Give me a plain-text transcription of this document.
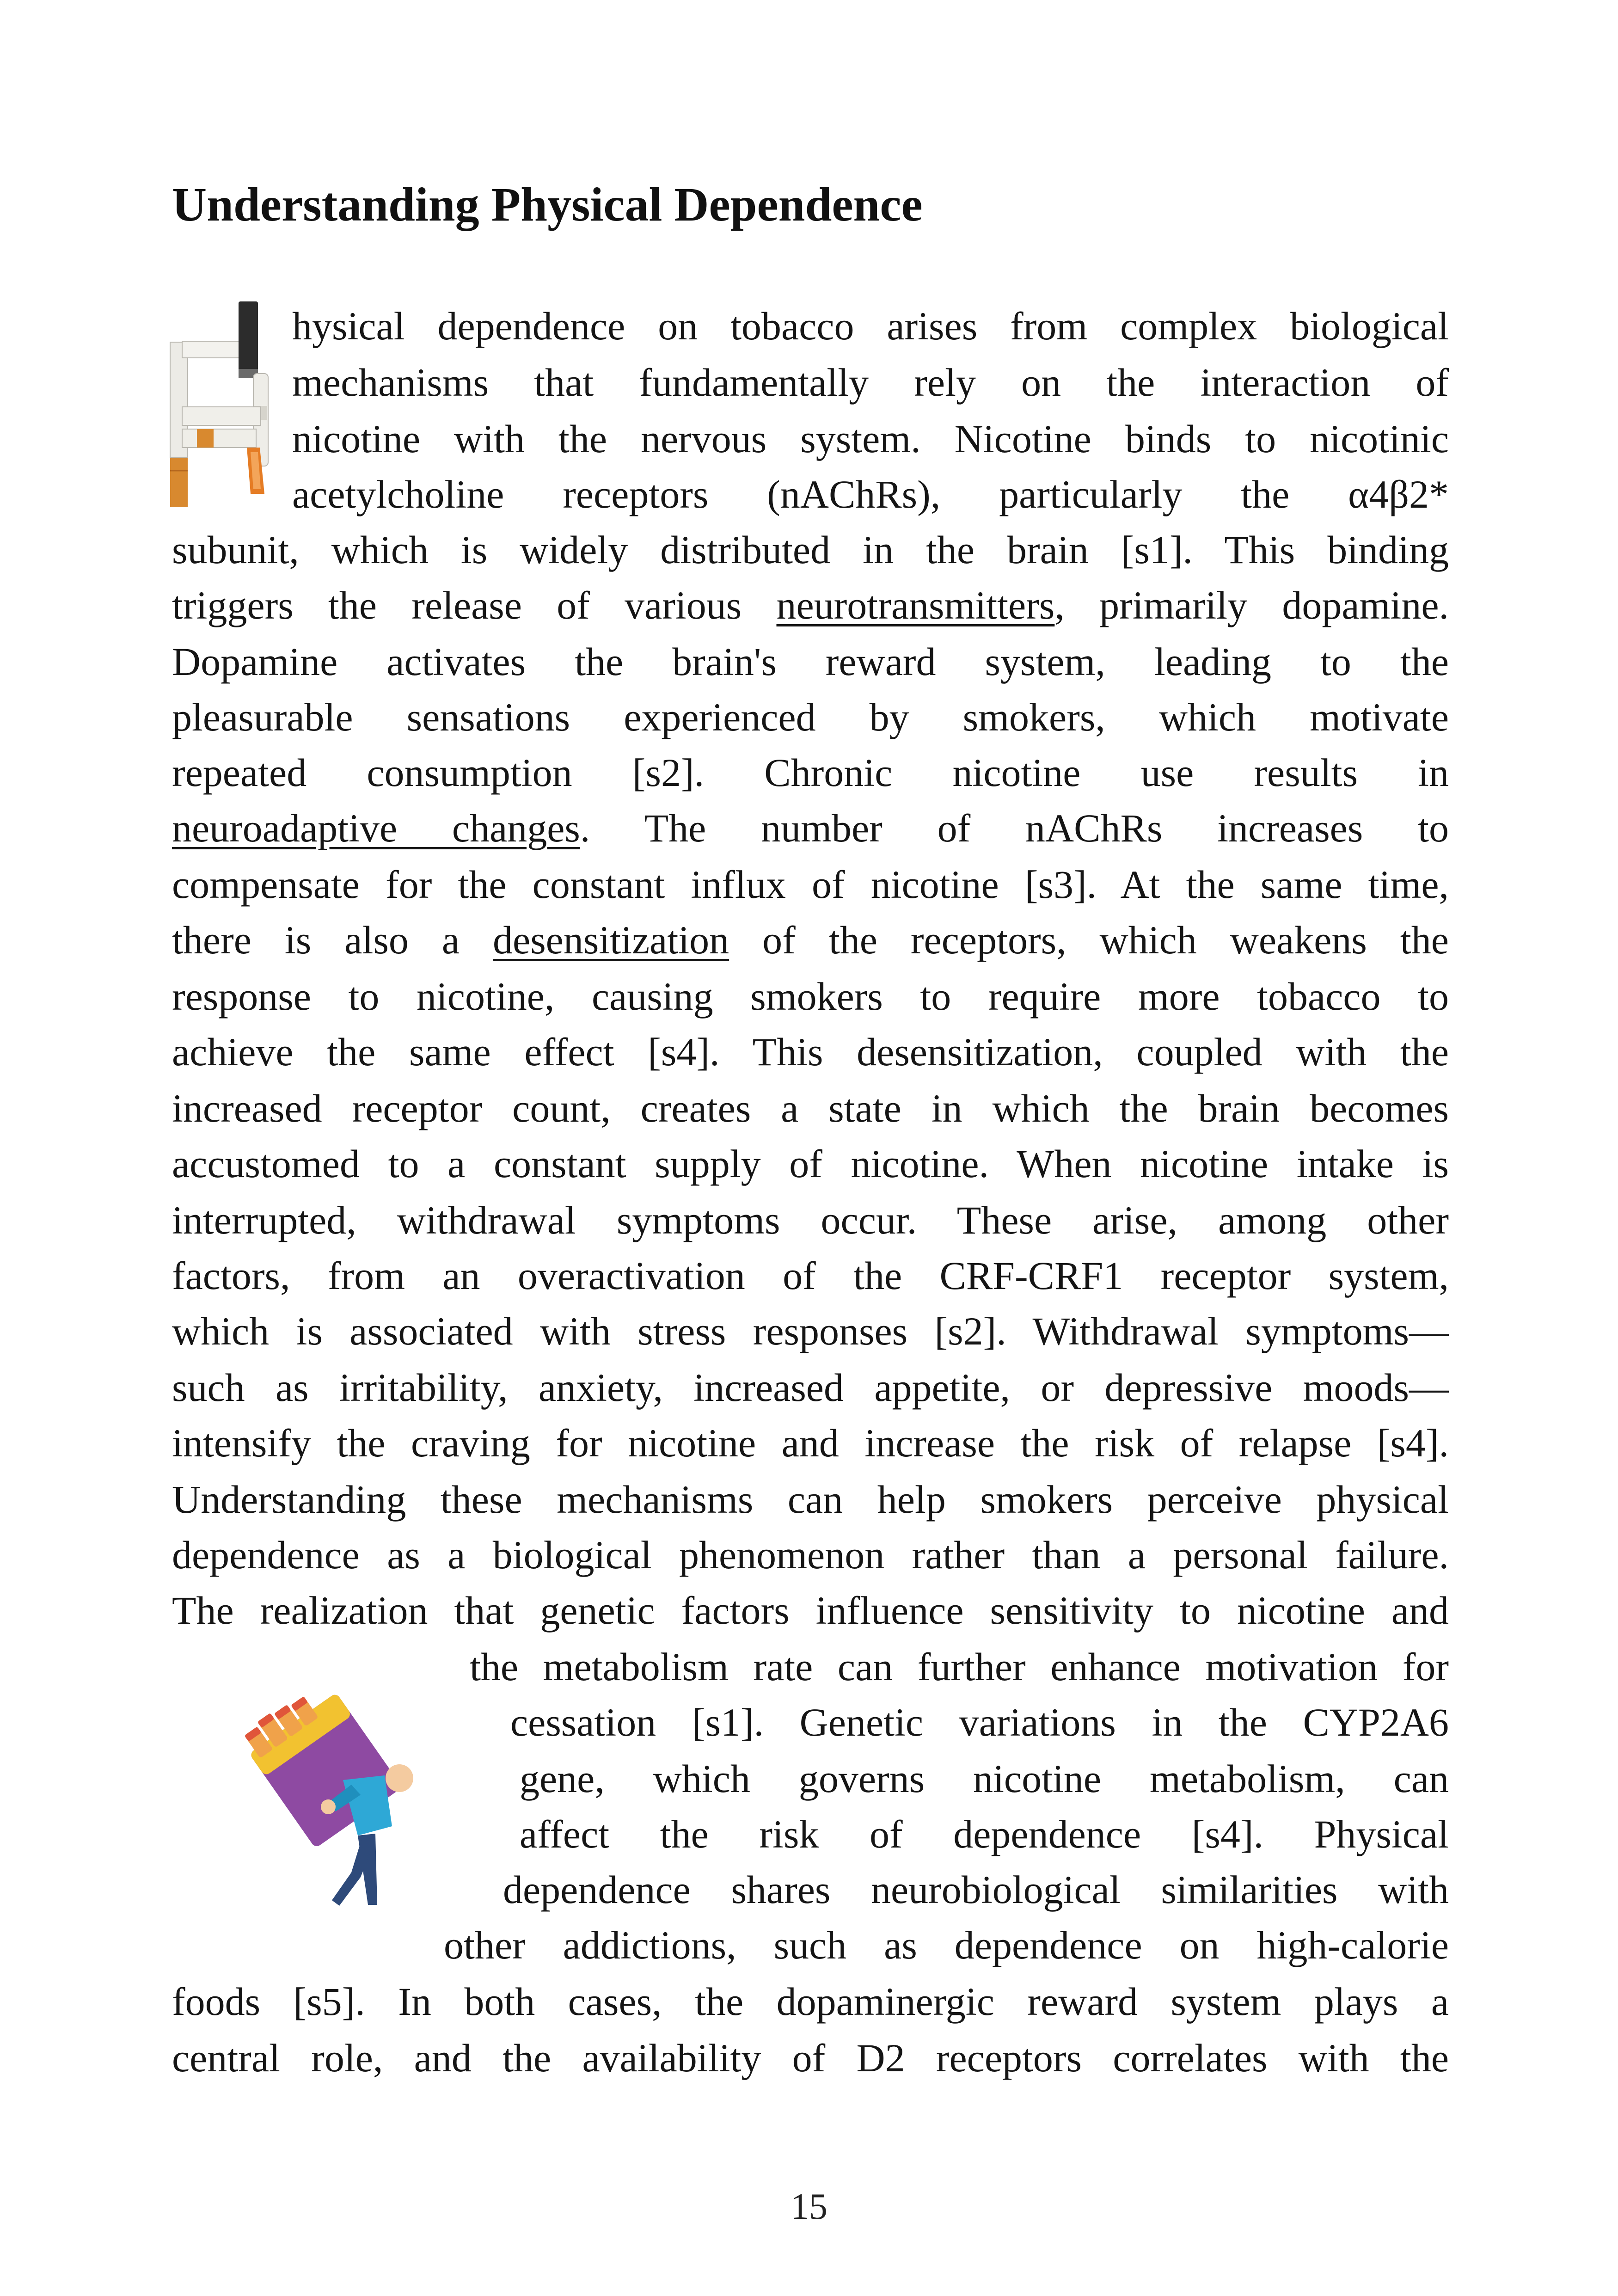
Understanding Physical Dependence
hysical dependence on tobacco arises from complex biological
mechanisms that fundamentally rely on the interaction of
nicotine with the nervous system. Nicotine binds to nicotinic
acetylcholine receptors (nAChRs), particularly the α4β2*
subunit, which is widely distributed in the brain [s1]. This binding
triggers the release of various neurotransmitters, primarily dopamine.
Dopamine activates the brain's reward system, leading to the
pleasurable sensations experienced by smokers, which motivate
repeated consumption [s2]. Chronic nicotine use results in
neuroadaptive changes. The number of nAChRs increases to
compensate for the constant influx of nicotine [s3]. At the same time,
there is also a desensitization of the receptors, which weakens the
response to nicotine, causing smokers to require more tobacco to
achieve the same effect [s4]. This desensitization, coupled with the
increased receptor count, creates a state in which the brain becomes
accustomed to a constant supply of nicotine. When nicotine intake is
interrupted, withdrawal symptoms occur. These arise, among other
factors, from an overactivation of the CRF-CRF1 receptor system,
which is associated with stress responses [s2]. Withdrawal symptoms—
such as irritability, anxiety, increased appetite, or depressive moods—
intensify the craving for nicotine and increase the risk of relapse [s4].
Understanding these mechanisms can help smokers perceive physical
dependence as a biological phenomenon rather than a personal failure.
The realization that genetic factors influence sensitivity to nicotine and
the metabolism rate can further enhance motivation for
cessation [s1]. Genetic variations in the CYP2A6
gene, which governs nicotine metabolism, can
affect the risk of dependence [s4]. Physical
dependence shares neurobiological similarities with
other addictions, such as dependence on high-calorie
foods [s5]. In both cases, the dopaminergic reward system plays a
central role, and the availability of D2 receptors correlates with the
15
